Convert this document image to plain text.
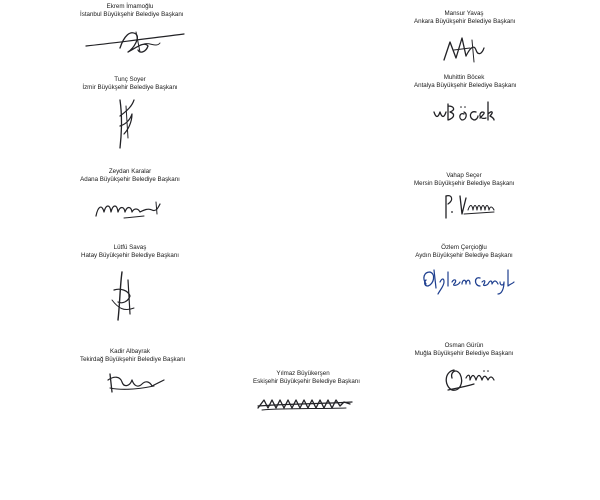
Ekrem İmamoğlu
İstanbul Büyükşehir Belediye Başkanı
Tunç Soyer
İzmir Büyükşehir Belediye Başkanı
Zeydan Karalar
Adana Büyükşehir Belediye Başkanı
Lütfü Savaş
Hatay Büyükşehir Belediye Başkanı
Kadir Albayrak
Tekirdağ Büyükşehir Belediye Başkanı
Yılmaz Büyükerşen
Eskişehir Büyükşehir Belediye Başkanı
Mansur Yavaş
Ankara Büyükşehir Belediye Başkanı
Muhittin Böcek
Antalya Büyükşehir Belediye Başkanı
Vahap Seçer
Mersin Büyükşehir Belediye Başkanı
Özlem Çerçioğlu
Aydın Büyükşehir Belediye Başkanı
Osman Gürün
Muğla Büyükşehir Belediye Başkanı
